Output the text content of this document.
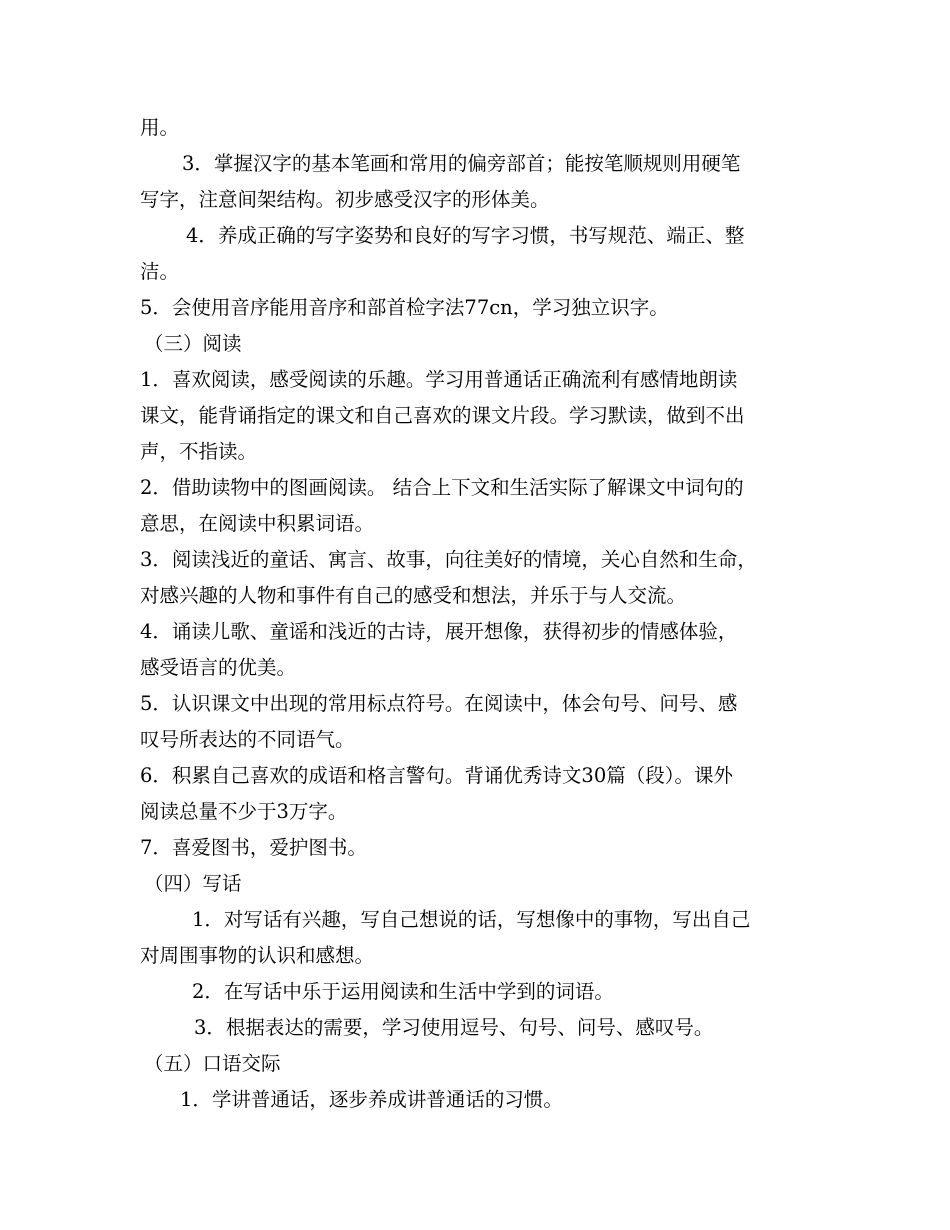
用。
3．掌握汉字的基本笔画和常用的偏旁部首；能按笔顺规则用硬笔
写字，注意间架结构。初步感受汉字的形体美。
4．养成正确的写字姿势和良好的写字习惯，书写规范、端正、整
洁。
5．会使用音序能用音序和部首检字法77cn，学习独立识字。
（三）阅读
1．喜欢阅读，感受阅读的乐趣。学习用普通话正确流利有感情地朗读
课文，能背诵指定的课文和自己喜欢的课文片段。学习默读，做到不出
声，不指读。
2．借助读物中的图画阅读。 结合上下文和生活实际了解课文中词句的
意思，在阅读中积累词语。
3．阅读浅近的童话、寓言、故事，向往美好的情境，关心自然和生命，
对感兴趣的人物和事件有自己的感受和想法，并乐于与人交流。
4．诵读儿歌、童谣和浅近的古诗，展开想像，获得初步的情感体验，
感受语言的优美。
5．认识课文中出现的常用标点符号。在阅读中，体会句号、问号、感
叹号所表达的不同语气。
6．积累自己喜欢的成语和格言警句。背诵优秀诗文30篇（段）。课外
阅读总量不少于3万字。
7．喜爱图书，爱护图书。
（四）写话
1．对写话有兴趣，写自己想说的话，写想像中的事物，写出自己
对周围事物的认识和感想。
2．在写话中乐于运用阅读和生活中学到的词语。
3．根据表达的需要，学习使用逗号、句号、问号、感叹号。
（五）口语交际
1．学讲普通话，逐步养成讲普通话的习惯。
